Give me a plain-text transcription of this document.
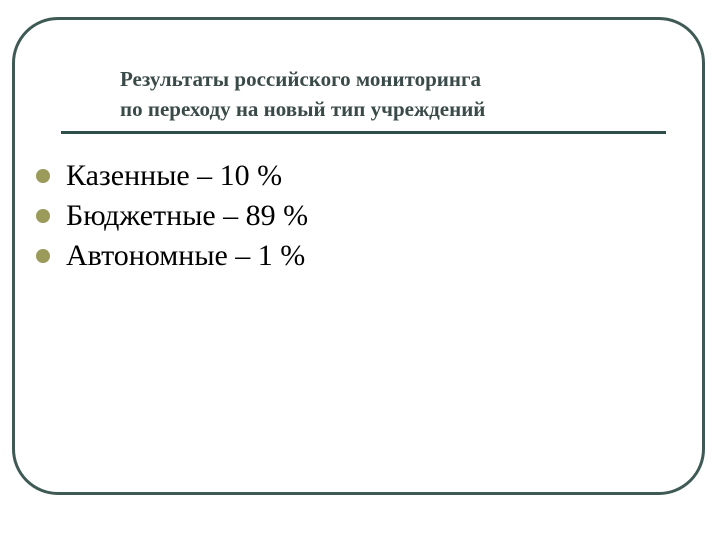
Результаты российского мониторинга
по переходу на новый тип учреждений
Казенные – 10 %
Бюджетные – 89 %
Автономные – 1 %
